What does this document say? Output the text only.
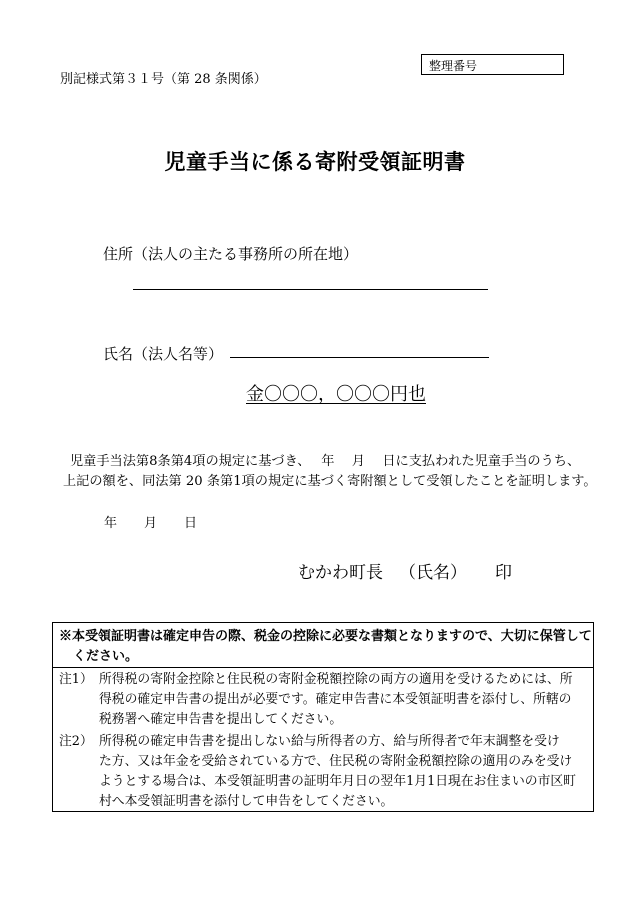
別記様式第３１号（第 28 条関係）
整理番号
児童手当に係る寄附受領証明書
住所（法人の主たる事務所の所在地）
氏名（法人名等）
金〇〇〇，〇〇〇円也
児童手当法第8条第4項の規定に基づき、　 年　 月　 日に支払われた児童手当のうち、
上記の額を、同法第 20 条第1項の規定に基づく寄附額として受領したことを証明します。
年 月 日
むかわ町長 （氏名） 印
※本受領証明書は確定申告の際、税金の控除に必要な書類となりますので、大切に保管して
ください。
注1） 所得税の寄附金控除と住民税の寄附金税額控除の両方の適用を受けるためには、所
得税の確定申告書の提出が必要です。確定申告書に本受領証明書を添付し、所轄の
税務署へ確定申告書を提出してください。
注2） 所得税の確定申告書を提出しない給与所得者の方、給与所得者で年末調整を受け
た方、又は年金を受給されている方で、住民税の寄附金税額控除の適用のみを受け
ようとする場合は、本受領証明書の証明年月日の翌年1月1日現在お住まいの市区町
村へ本受領証明書を添付して申告をしてください。
